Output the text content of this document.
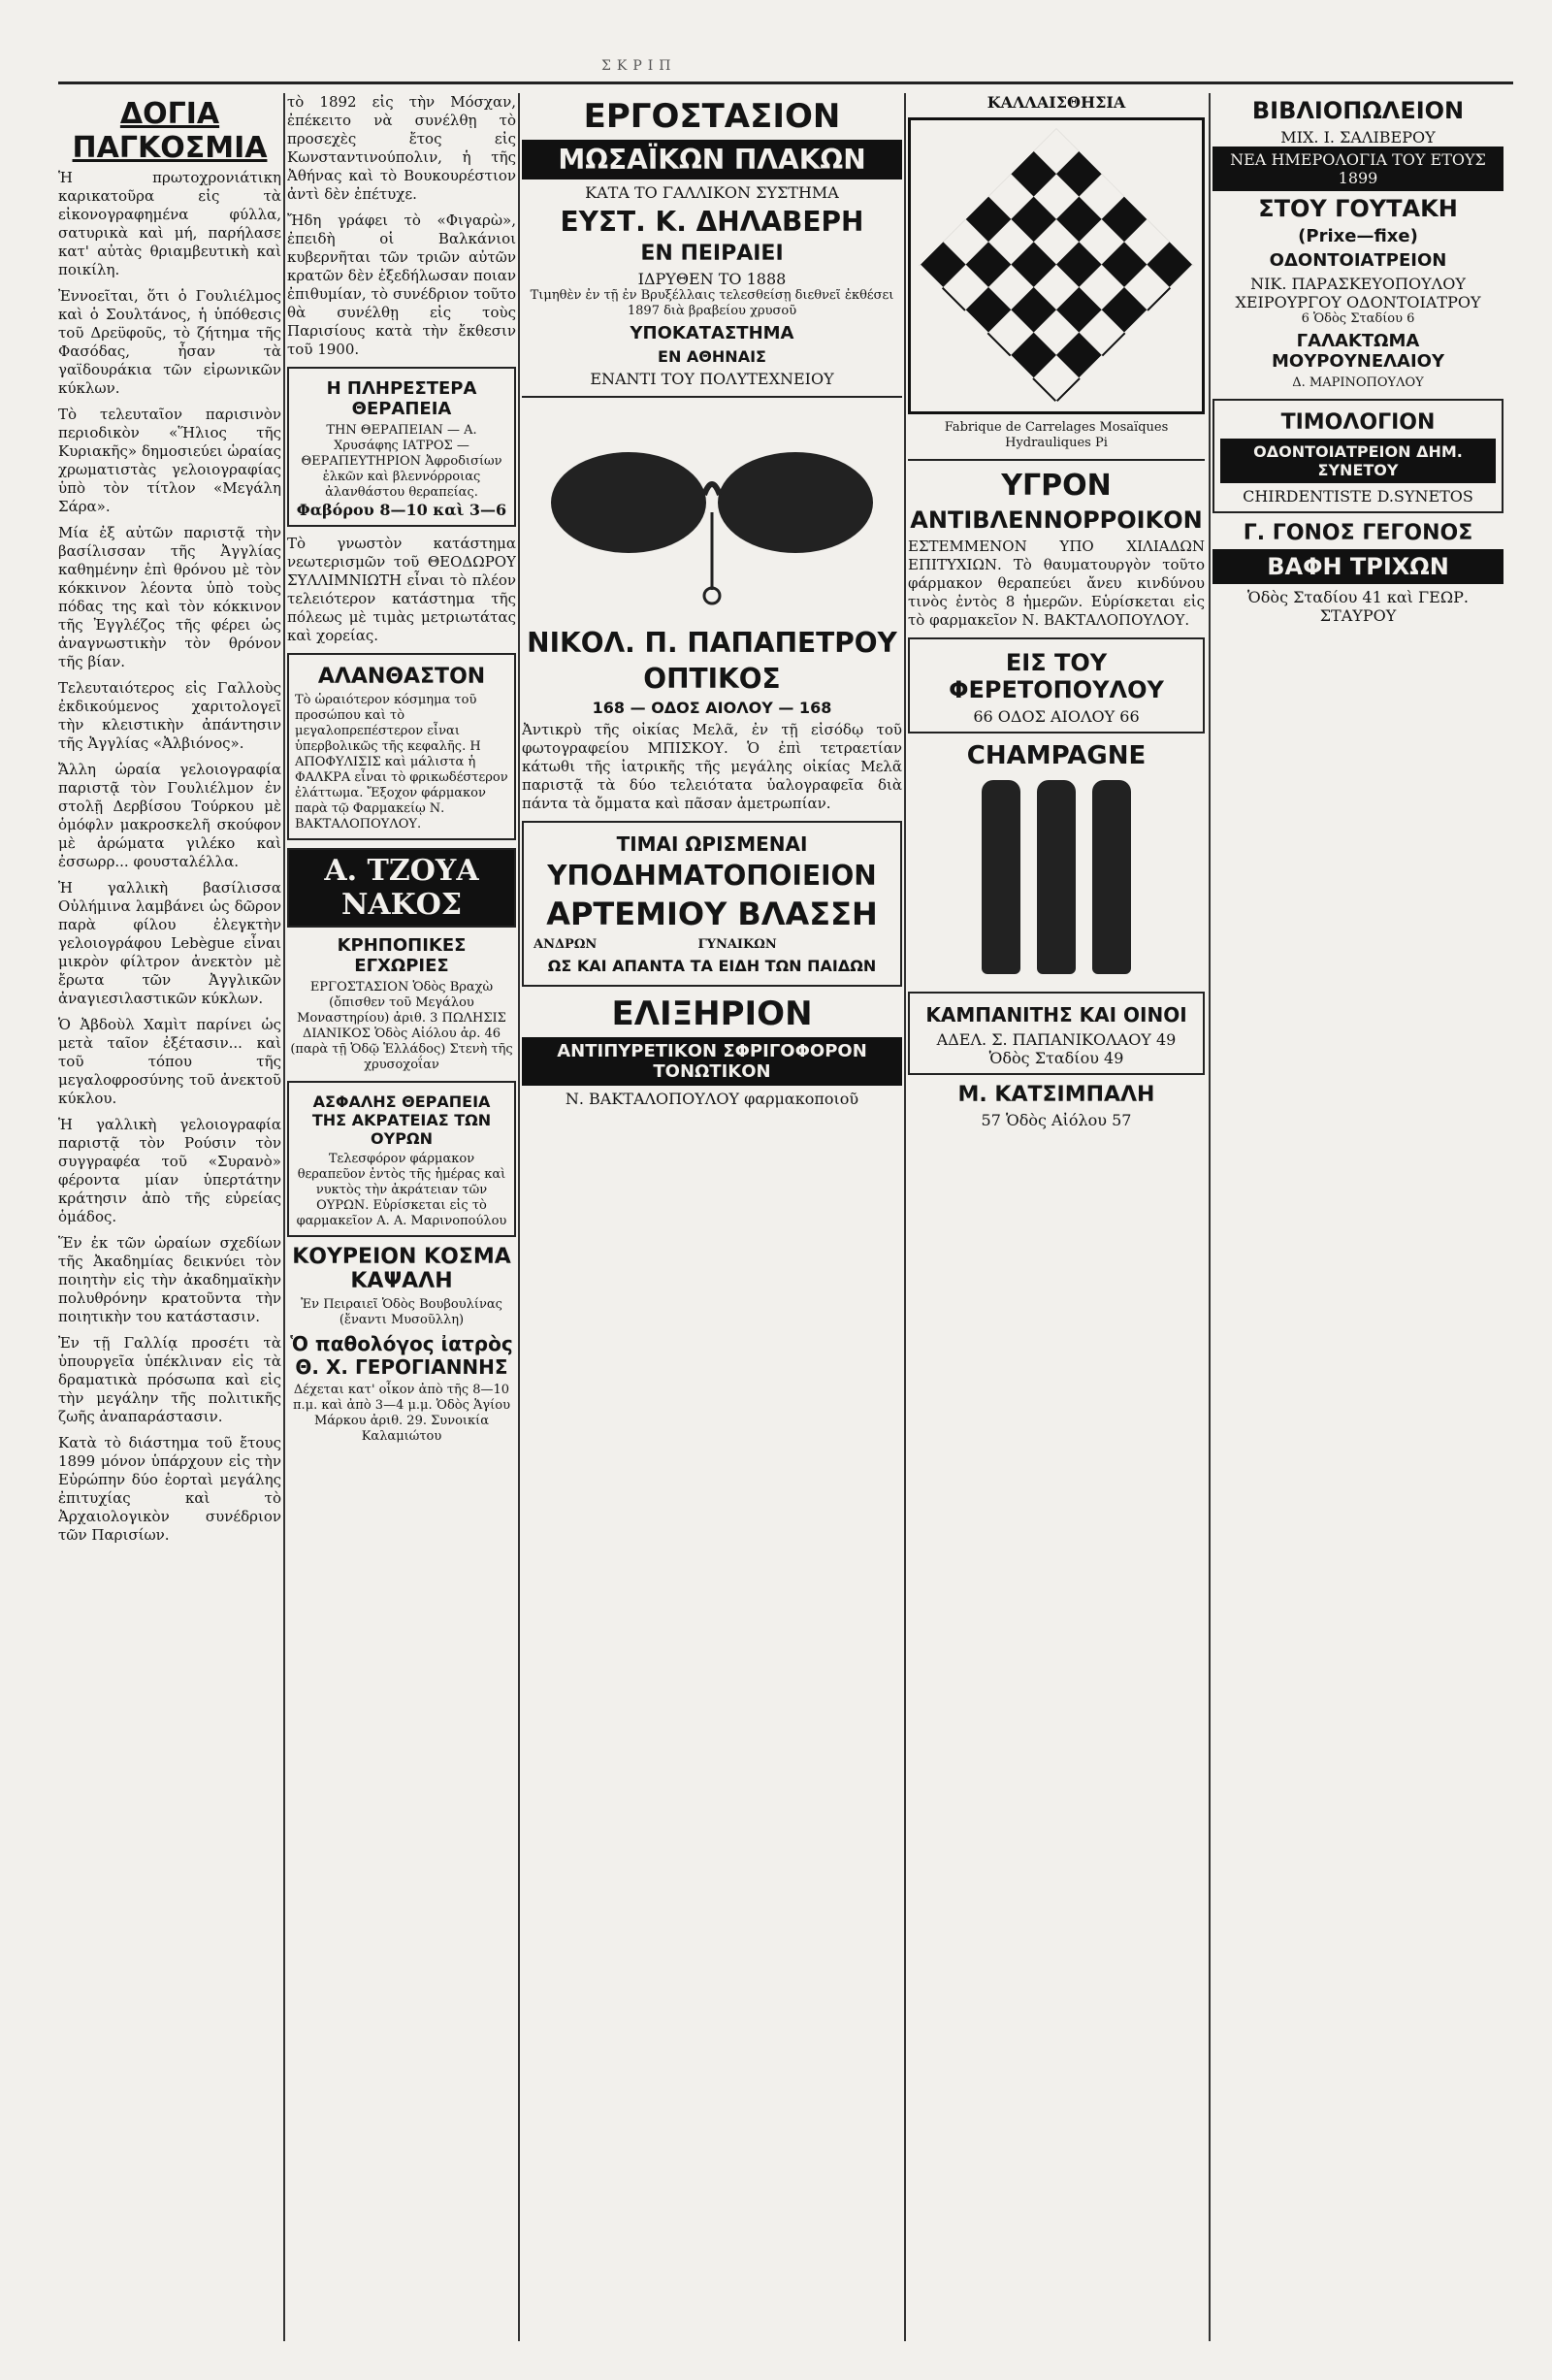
ΣΚΡΙΠ
ΔΟΓΙΑ ΠΑΓΚΟΣΜΙΑ

Ἡ πρωτοχρονιάτικη καρικατοῦρα εἰς τὰ εἰκονογραφημένα φύλλα, σατυρικὰ καὶ μή, παρήλασε κατ' αὐτὰς θριαμβευτικὴ καὶ ποικίλη.

Ἐννοεῖται, ὅτι ὁ Γουλιέλμος καὶ ὁ Σουλτάνος, ἡ ὑπόθεσις τοῦ Δρεϋφοῦς, τὸ ζήτημα τῆς Φασόδας, ἦσαν τὰ γαϊδουράκια τῶν εἰρωνικῶν κύκλων.

Τὸ τελευταῖον παρισινὸν περιοδικὸν «Ἥλιος τῆς Κυριακῆς» δημοσιεύει ὡραίας χρωματιστὰς γελοιογραφίας ὑπὸ τὸν τίτλον «Μεγάλη Σάρα».

Μία ἐξ αὐτῶν παριστᾷ τὴν βασίλισσαν τῆς Ἀγγλίας καθημένην ἐπὶ θρόνου μὲ τὸν κόκκινον λέοντα ὑπὸ τοὺς πόδας της καὶ τὸν κόκκινον τῆς Ἐγγλέζος τῆς φέρει ὡς ἀναγνωστικὴν τὸν θρόνον τῆς βίαν.

Τελευταιότερος εἰς Γαλλοὺς ἐκδικούμενος χαριτολογεῖ τὴν κλειστικὴν ἀπάντησιν τῆς Ἀγγλίας «Ἀλβιόνος».

Ἄλλη ὡραία γελοιογραφία παριστᾷ τὸν Γουλιέλμον ἐν στολῇ Δερβίσου Τούρκου μὲ ὁμόφλν μακροσκελῆ σκούφον μὲ ἀρώματα γιλέκο καὶ ἐσσωρρ... φουσταλέλλα.

Ἡ γαλλικὴ βασίλισσα Οὐλήμινα λαμβάνει ὡς δῶρον παρὰ φίλου ἐλεγκτὴν γελοιογράφου Lebègue εἶναι μικρὸν φίλτρον ἀνεκτὸν μὲ ἔρωτα τῶν Ἀγγλικῶν ἀναγιεσιλαστικῶν κύκλων.

Ὁ Ἀβδοὺλ Χαμὶτ παρίνει ὡς μετὰ ταῖον ἐξέτασιν... καὶ τοῦ τόπου τῆς μεγαλοφροσύνης τοῦ ἀνεκτοῦ κύκλου.

Ἡ γαλλικὴ γελοιογραφία παριστᾷ τὸν Ρούσιν τὸν συγγραφέα τοῦ «Συρανὸ» φέροντα μίαν ὑπερτάτην κράτησιν ἀπὸ τῆς εὐρείας ὁμάδος.

Ἕν ἐκ τῶν ὡραίων σχεδίων τῆς Ἀκαδημίας δεικνύει τὸν ποιητὴν εἰς τὴν ἀκαδημαϊκὴν πολυθρόνην κρατοῦντα τὴν ποιητικὴν του κατάστασιν.

Ἐν τῇ Γαλλίᾳ προσέτι τὰ ὑπουργεῖα ὑπέκλιναν εἰς τὰ δραματικὰ πρόσωπα καὶ εἰς τὴν μεγάλην τῆς πολιτικῆς ζωῆς ἀναπαράστασιν.

Κατὰ τὸ διάστημα τοῦ ἔτους 1899 μόνον ὑπάρχουν εἰς τὴν Εὐρώπην δύο ἑορταὶ μεγάλης ἐπιτυχίας καὶ τὸ Ἀρχαιολογικὸν συνέδριον τῶν Παρισίων.

τὸ 1892 εἰς τὴν Μόσχαν, ἐπέκειτο νὰ συνέλθῃ τὸ προσεχὲς ἔτος εἰς Κωνσταντινούπολιν, ἡ τῆς Ἀθήνας καὶ τὸ Βουκουρέστιον ἀντὶ δὲν ἐπέτυχε.

Ἤδη γράφει τὸ «Φιγαρὼ», ἐπειδὴ οἱ Βαλκάνιοι κυβερνῆται τῶν τριῶν αὐτῶν κρατῶν δὲν ἐξεδήλωσαν ποιαν ἐπιθυμίαν, τὸ συνέδριον τοῦτο θὰ συνέλθῃ εἰς τοὺς Παρισίους κατὰ τὴν ἔκθεσιν τοῦ 1900.

Η ΠΛΗΡΕΣΤΕΡΑ ΘΕΡΑΠΕΙΑ
ΤΗΝ ΘΕΡΑΠΕΙΑΝ — Α. Χρυσάφης ΙΑΤΡΟΣ — ΘΕΡΑΠΕΥΤΗΡΙΟΝ Ἀφροδισίων ἑλκῶν καὶ βλεννόρροιας ἀλανθάστου θεραπείας.
Φαβόρου 8—10 καὶ 3—6

Τὸ γνωστὸν κατάστημα νεωτερισμῶν τοῦ ΘΕΟΔΩΡΟΥ ΣΥΛΛΙΜΝΙΩΤΗ εἶναι τὸ πλέον τελειότερον κατάστημα τῆς πόλεως μὲ τιμὰς μετριωτάτας καὶ χορείας.

ΑΛΑΝΘΑΣΤΟΝ
Τὸ ὡραιότερον κόσμημα τοῦ προσώπου καὶ τὸ μεγαλοπρεπέστερον εἶναι ὑπερβολικῶς τῆς κεφαλῆς. Η ΑΠΟΦΥΛΙΣΙΣ καὶ μάλιστα ἡ ΦΑΛΚΡΑ εἶναι τὸ φρικωδέστερον ἐλάττωμα. Ἔξοχον φάρμακον παρὰ τῷ Φαρμακείῳ Ν. ΒΑΚΤΑΛΟΠΟΥΛΟΥ.
Α. ΤΖΟΥΑ ΝΑΚΟΣ
ΚΡΗΠΟΠΙΚΕΣ ΕΓΧΩΡΙΕΣ
ΕΡΓΟΣΤΑΣΙΟΝ Ὁδὸς Βραχὼ (ὄπισθεν τοῦ Μεγάλου Μοναστηρίου) ἀριθ. 3 ΠΩΛΗΣΙΣ ΔΙΑΝΙΚΟΣ Ὁδὸς Αἰόλου ἀρ. 46 (παρὰ τῇ Ὁδῷ Ἑλλάδος) Στενὴ τῆς χρυσοχοΐαν
ΑΣΦΑΛΗΣ ΘΕΡΑΠΕΙΑ ΤΗΣ ΑΚΡΑΤΕΙΑΣ ΤΩΝ ΟΥΡΩΝ
Τελεσφόρον φάρμακον θεραπεῦον ἐντὸς τῆς ἡμέρας καὶ νυκτὸς τὴν ἀκράτειαν τῶν ΟΥΡΩΝ. Εὑρίσκεται εἰς τὸ φαρμακεῖον Α. Α. Μαρινοπούλου
ΚΟΥΡΕΙΟΝ ΚΟΣΜΑ ΚΑΨΑΛΗ
Ἐν Πειραιεῖ Ὁδὸς Βουβουλίνας (ἔναντι Μυσοῦλλη)
Ὁ παθολόγος ἰατρὸς Θ. Χ. ΓΕΡΟΓΙΑΝΝΗΣ
Δέχεται κατ' οἶκον ἀπὸ τῆς 8—10 π.μ. καὶ ἀπὸ 3—4 μ.μ. Ὁδὸς Ἁγίου Μάρκου ἀριθ. 29. Συνοικία Καλαμιώτου
ΕΡΓΟΣΤΑΣΙΟΝ
ΜΩΣΑΪΚΩΝ ΠΛΑΚΩΝ
ΚΑΤΑ ΤΟ ΓΑΛΛΙΚΟΝ ΣΥΣΤΗΜΑ
ΕΥΣΤ. Κ. ΔΗΛΑΒΕΡΗ
ΕΝ ΠΕΙΡΑΙΕΙ
ΙΔΡΥΘΕΝ ΤΟ 1888
Τιμηθὲν ἐν τῇ ἐν Βρυξέλλαις τελεσθείσῃ διεθνεῖ ἐκθέσει 1897 διὰ βραβείου χρυσοῦ
ΥΠΟΚΑΤΑΣΤΗΜΑ
ΕΝ ΑΘΗΝΑΙΣ
ΕΝΑΝΤΙ ΤΟΥ ΠΟΛΥΤΕΧΝΕΙΟΥ
ΝΙΚΟΛ. Π. ΠΑΠΑΠΕΤΡΟΥ
ΟΠΤΙΚΟΣ
168 — ΟΔΟΣ ΑΙΟΛΟΥ — 168

Ἀντικρὺ τῆς οἰκίας Μελᾶ, ἐν τῇ εἰσόδῳ τοῦ φωτογραφείου ΜΠΙΣΚΟΥ. Ὁ ἐπὶ τετραετίαν κάτωθι τῆς ἰατρικῆς τῆς μεγάλης οἰκίας Μελᾶ παριστᾷ τὰ δύο τελειότατα ὑαλογραφεῖα διὰ πάντα τὰ ὄμματα καὶ πᾶσαν ἀμετρωπίαν.

ΤΙΜΑΙ ΩΡΙΣΜΕΝΑΙ
ΥΠΟΔΗΜΑΤΟΠΟΙΕΙΟΝ
ΑΡΤΕΜΙΟΥ ΒΛΑΣΣΗ
ΑΝΔΡΩΝ	ΓΥΝΑΙΚΩΝ
ΩΣ ΚΑΙ ΑΠΑΝΤΑ ΤΑ ΕΙΔΗ ΤΩΝ ΠΑΙΔΩΝ
ΕΛΙΞΗΡΙΟΝ
ΑΝΤΙΠΥΡΕΤΙΚΟΝ ΣΦΡΙΓΟΦΟΡΟΝ ΤΟΝΩΤΙΚΟΝ
Ν. ΒΑΚΤΑΛΟΠΟΥΛΟΥ φαρμακοποιοῦ
ΚΑΛΛΑΙΣΘΗΣΙΑ
Fabrique de Carrelages Mosaïques Hydrauliques Pi
ΥΓΡΟΝ
ΑΝΤΙΒΛΕΝΝΟΡΡΟΙΚΟΝ

ΕΣΤΕΜΜΕΝΟΝ ΥΠΟ ΧΙΛΙΑΔΩΝ ΕΠΙΤΥΧΙΩΝ. Τὸ θαυματουργὸν τοῦτο φάρμακον θεραπεύει ἄνευ κινδύνου τινὸς ἐντὸς 8 ἡμερῶν. Εὑρίσκεται εἰς τὸ φαρμακεῖον Ν. ΒΑΚΤΑΛΟΠΟΥΛΟΥ.

ΕΙΣ ΤΟΥ ΦΕΡΕΤΟΠΟΥΛΟΥ
66 ΟΔΟΣ ΑΙΟΛΟΥ 66
CHAMPAGNE

ΚΑΜΠΑΝΙΤΗΣ ΚΑΙ ΟΙΝΟΙ
ΑΔΕΛ. Σ. ΠΑΠΑΝΙΚΟΛΑΟΥ 49 Ὁδὸς Σταδίου 49
Μ. ΚΑΤΣΙΜΠΑΛΗ
57 Ὁδὸς Αἰόλου 57
ΒΙΒΛΙΟΠΩΛΕΙΟΝ
ΜΙΧ. Ι. ΣΑΛΙΒΕΡΟΥ
ΝΕΑ ΗΜΕΡΟΛΟΓΙΑ ΤΟΥ ΕΤΟΥΣ 1899
ΣΤΟΥ ΓΟΥΤΑΚΗ
(Prixe—fixe)
ΟΔΟΝΤΟΙΑΤΡΕΙΟΝ
ΝΙΚ. ΠΑΡΑΣΚΕΥΟΠΟΥΛΟΥ ΧΕΙΡΟΥΡΓΟΥ ΟΔΟΝΤΟΙΑΤΡΟΥ
6 Ὁδὸς Σταδίου 6
ΓΑΛΑΚΤΩΜΑ ΜΟΥΡΟΥΝΕΛΑΙΟΥ
Δ. ΜΑΡΙΝΟΠΟΥΛΟΥ
ΤΙΜΟΛΟΓΙΟΝ
ΟΔΟΝΤΟΙΑΤΡΕΙΟΝ ΔΗΜ. ΣΥΝΕΤΟΥ
CHIRDENTISTE D.SYNETOS
Γ. ΓΟΝΟΣ ΓΕΓΟΝΟΣ
ΒΑΦΗ ΤΡΙΧΩΝ
Ὁδὸς Σταδίου 41 καὶ ΓΕΩΡ. ΣΤΑΥΡΟΥ
